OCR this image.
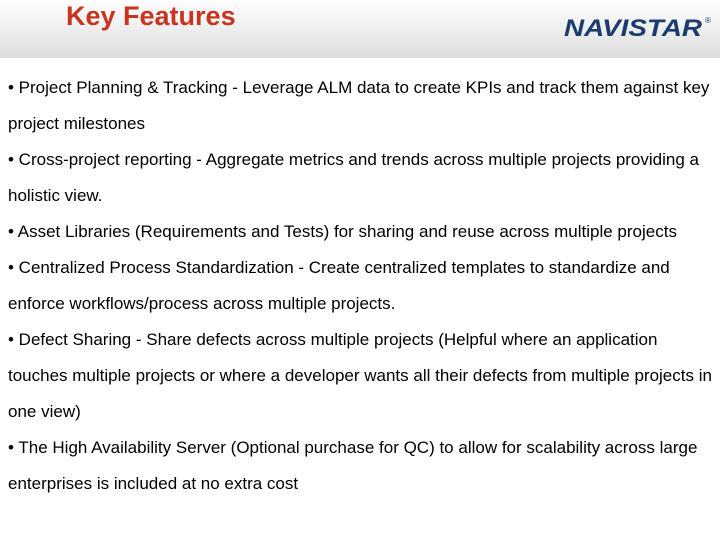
Key Features	NAVISTAR ®

• Project Planning & Tracking - Leverage ALM data to create KPIs and track them against key project milestones

• Cross-project reporting - Aggregate metrics and trends across multiple projects providing a holistic view.

• Asset Libraries (Requirements and Tests) for sharing and reuse across multiple projects

• Centralized Process Standardization - Create centralized templates to standardize and enforce workflows/process across multiple projects.

• Defect Sharing - Share defects across multiple projects (Helpful where an application touches multiple projects or where a developer wants all their defects from multiple projects in one view)

• The High Availability Server (Optional purchase for QC) to allow for scalability across large enterprises is included at no extra cost
